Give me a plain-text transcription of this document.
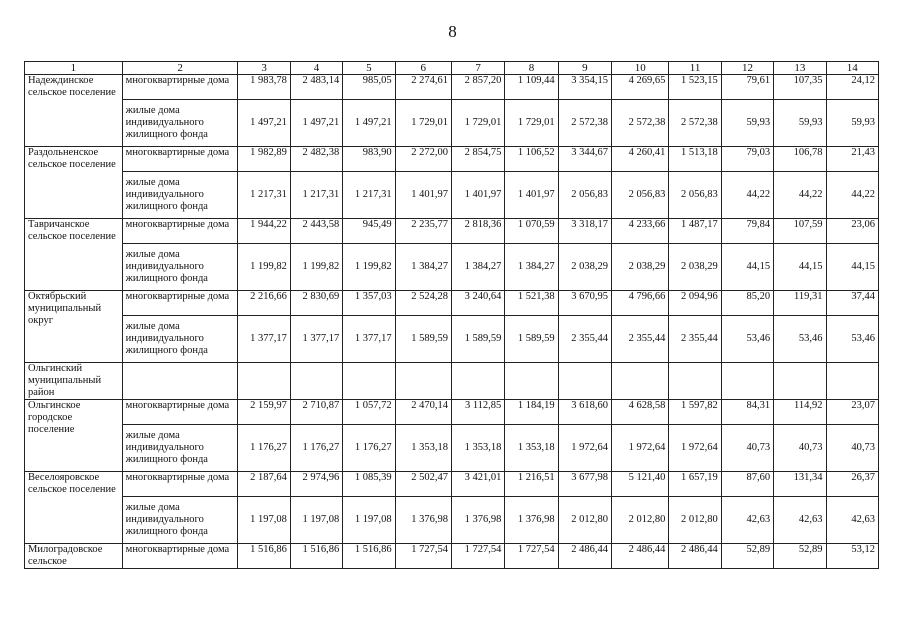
8
1	2	3	4	5	6	7	8	9	10	11	12	13	14
Надеждинское сельское поселение	многоквартирные дома	1 983,78	2 483,14	985,05	2 274,61	2 857,20	1 109,44	3 354,15	4 269,65	1 523,15	79,61	107,35	24,12
	жилые дома индивидуального жилищного фонда	1 497,21	1 497,21	1 497,21	1 729,01	1 729,01	1 729,01	2 572,38	2 572,38	2 572,38	59,93	59,93	59,93
Раздольненское сельское поселение	многоквартирные дома	1 982,89	2 482,38	983,90	2 272,00	2 854,75	1 106,52	3 344,67	4 260,41	1 513,18	79,03	106,78	21,43
	жилые дома индивидуального жилищного фонда	1 217,31	1 217,31	1 217,31	1 401,97	1 401,97	1 401,97	2 056,83	2 056,83	2 056,83	44,22	44,22	44,22
Тавричанское сельское поселение	многоквартирные дома	1 944,22	2 443,58	945,49	2 235,77	2 818,36	1 070,59	3 318,17	4 233,66	1 487,17	79,84	107,59	23,06
	жилые дома индивидуального жилищного фонда	1 199,82	1 199,82	1 199,82	1 384,27	1 384,27	1 384,27	2 038,29	2 038,29	2 038,29	44,15	44,15	44,15
Октябрьский муниципальный округ	многоквартирные дома	2 216,66	2 830,69	1 357,03	2 524,28	3 240,64	1 521,38	3 670,95	4 796,66	2 094,96	85,20	119,31	37,44
	жилые дома индивидуального жилищного фонда	1 377,17	1 377,17	1 377,17	1 589,59	1 589,59	1 589,59	2 355,44	2 355,44	2 355,44	53,46	53,46	53,46
Ольгинский муниципальный район													
Ольгинское городское поселение	многоквартирные дома	2 159,97	2 710,87	1 057,72	2 470,14	3 112,85	1 184,19	3 618,60	4 628,58	1 597,82	84,31	114,92	23,07
	жилые дома индивидуального жилищного фонда	1 176,27	1 176,27	1 176,27	1 353,18	1 353,18	1 353,18	1 972,64	1 972,64	1 972,64	40,73	40,73	40,73
Веселояровское сельское поселение	многоквартирные дома	2 187,64	2 974,96	1 085,39	2 502,47	3 421,01	1 216,51	3 677,98	5 121,40	1 657,19	87,60	131,34	26,37
	жилые дома индивидуального жилищного фонда	1 197,08	1 197,08	1 197,08	1 376,98	1 376,98	1 376,98	2 012,80	2 012,80	2 012,80	42,63	42,63	42,63
Милоградовское сельское	многоквартирные дома	1 516,86	1 516,86	1 516,86	1 727,54	1 727,54	1 727,54	2 486,44	2 486,44	2 486,44	52,89	52,89	53,12
